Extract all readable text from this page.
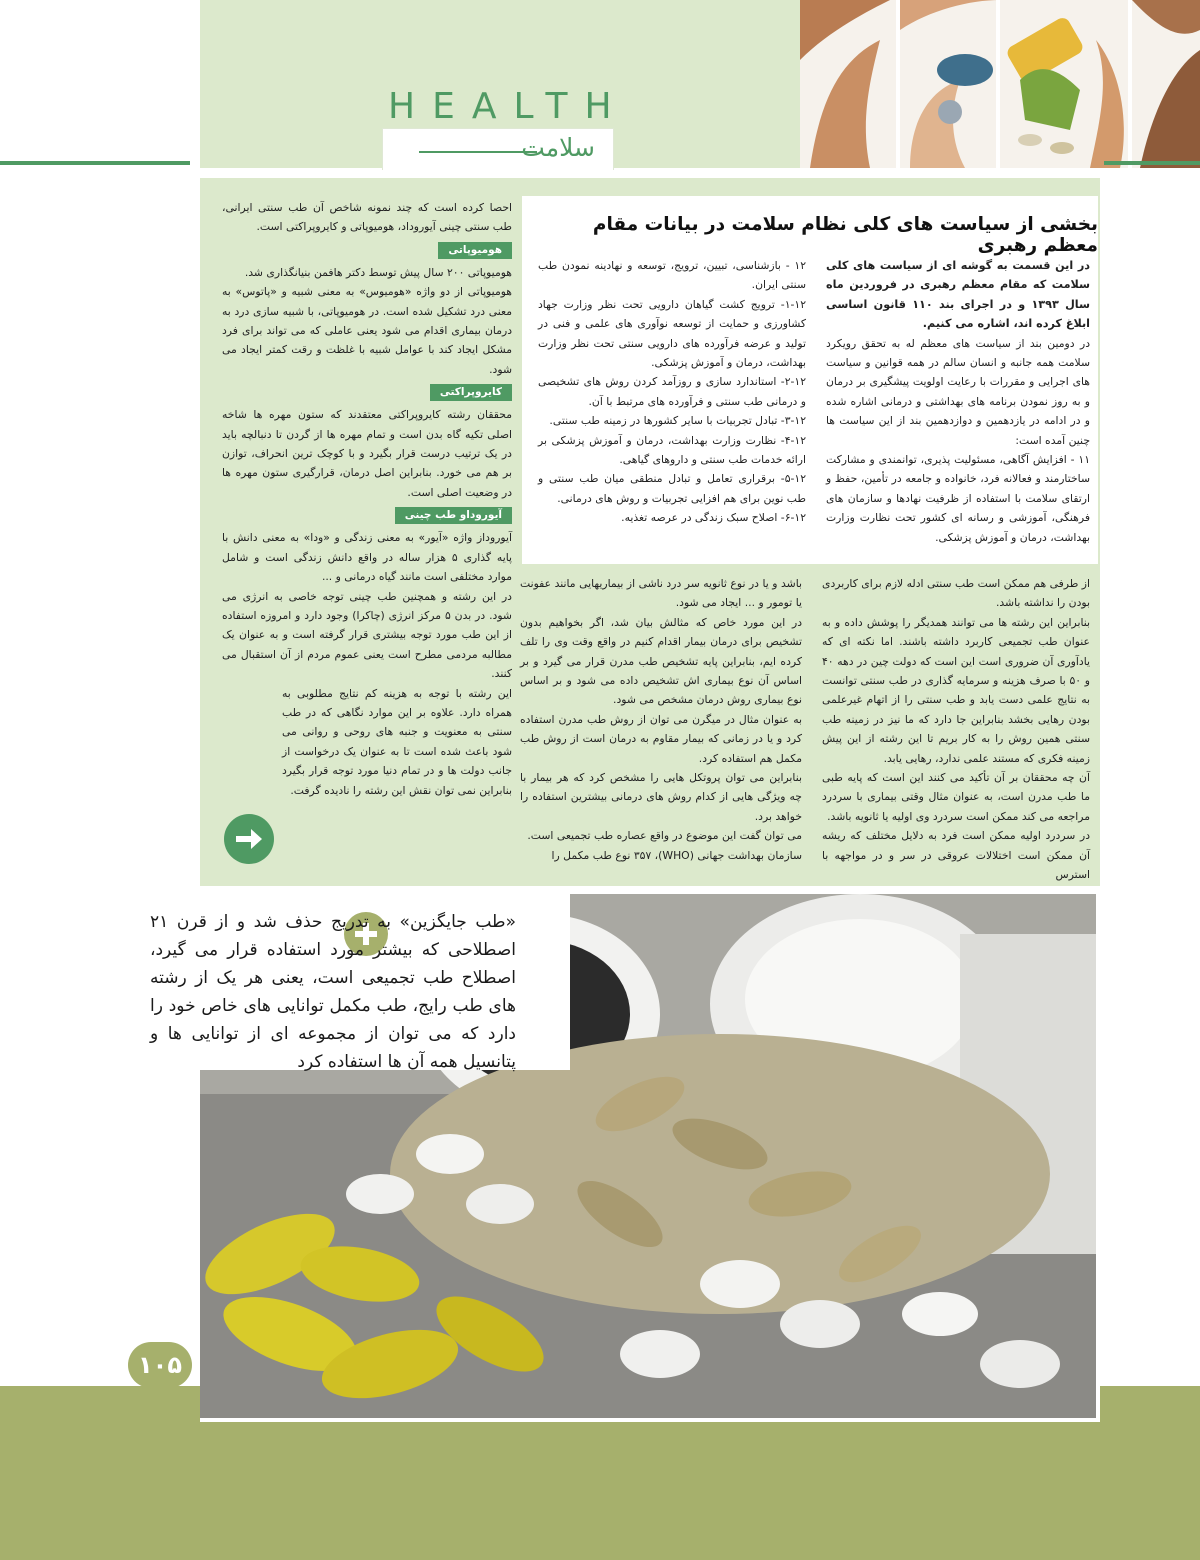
HEALTH
سلامت
بخشی از سیاست های کلی نظام سلامت در بیانات مقام معظم رهبری

در این قسمت به گوشه ای از سیاست های کلی سلامت که مقام معظم رهبری در فروردین ماه سال ۱۳۹۳ و در اجرای بند ۱۱۰ قانون اساسی ابلاغ کرده اند، اشاره می کنیم.

در دومین بند از سیاست های معظم له به تحقق رویکرد سلامت همه جانبه و انسان سالم در همه قوانین و سیاست های اجرایی و مقررات با رعایت اولویت پیشگیری بر درمان و به روز نمودن برنامه های بهداشتی و درمانی اشاره شده و در ادامه در یازدهمین و دوازدهمین بند از این سیاست ها چنین آمده است:

۱۱ - افزایش آگاهی، مسئولیت پذیری، توانمندی و مشارکت ساختارمند و فعالانه فرد، خانواده و جامعه در تأمین، حفظ و ارتقای سلامت با استفاده از ظرفیت نهادها و سازمان های فرهنگی، آموزشی و رسانه ای کشور تحت نظارت وزارت بهداشت، درمان و آموزش پزشکی.

۱۲ - بازشناسی، تبیین، ترویج، توسعه و نهادینه نمودن طب سنتی ایران.

۱-۱۲- ترویج کشت گیاهان دارویی تحت نظر وزارت جهاد کشاورزی و حمایت از توسعه نوآوری های علمی و فنی در تولید و عرضه فرآورده های دارویی سنتی تحت نظر وزارت بهداشت، درمان و آموزش پزشکی.

۲-۱۲- استاندارد سازی و روزآمد کردن روش های تشخیصی و درمانی طب سنتی و فرآورده های مرتبط با آن.

۳-۱۲- تبادل تجربیات با سایر کشورها در زمینه طب سنتی.

۴-۱۲- نظارت وزارت بهداشت، درمان و آموزش پزشکی بر ارائه خدمات طب سنتی و داروهای گیاهی.

۵-۱۲- برقراری تعامل و تبادل منطقی میان طب سنتی و طب نوین برای هم افزایی تجربیات و روش های درمانی.

۶-۱۲- اصلاح سبک زندگی در عرصه تغذیه.

از طرفی هم ممکن است طب سنتی ادله لازم برای کاربردی بودن را نداشته باشد.

بنابراین این رشته ها می توانند همدیگر را پوشش داده و به عنوان طب تجمیعی کاربرد داشته باشند. اما نکته ای که یادآوری آن ضروری است این است که دولت چین در دهه ۴۰ و ۵۰ با صرف هزینه و سرمایه گذاری در طب سنتی توانست به نتایج علمی دست یابد و طب سنتی را از اتهام غیرعلمی بودن رهایی بخشد بنابراین جا دارد که ما نیز در زمینه طب سنتی همین روش را به کار بریم تا این رشته از این پیش زمینه فکری که مستند علمی ندارد، رهایی یابد.

آن چه محققان بر آن تأکید می کنند این است که پایه طبی ما طب مدرن است، به عنوان مثال وقتی بیماری با سردرد مراجعه می کند ممکن است سردرد وی اولیه یا ثانویه باشد.

در سردرد اولیه ممکن است فرد به دلایل مختلف که ریشه آن ممکن است اختلالات عروقی در سر و در مواجهه با استرس

باشد و یا در نوع ثانویه سر درد ناشی از بیماریهایی مانند عفونت یا تومور و ... ایجاد می شود.

در این مورد خاص که مثالش بیان شد، اگر بخواهیم بدون تشخیص برای درمان بیمار اقدام کنیم در واقع وقت وی را تلف کرده ایم، بنابراین پایه تشخیص طب مدرن قرار می گیرد و بر اساس آن نوع بیماری اش تشخیص داده می شود و بر اساس نوع بیماری روش درمان مشخص می شود.

به عنوان مثال در میگرن می توان از روش طب مدرن استفاده کرد و یا در زمانی که بیمار مقاوم به درمان است از روش طب مکمل هم استفاده کرد.

بنابراین می توان پروتکل هایی را مشخص کرد که هر بیمار با چه ویژگی هایی از کدام روش های درمانی بیشترین استفاده را خواهد برد.

می توان گفت این موضوع در واقع عصاره طب تجمیعی است.

سازمان بهداشت جهانی (WHO)، ۳۵۷ نوع طب مکمل را

احصا کرده است که چند نمونه شاخص آن طب سنتی ایرانی، طب سنتی چینی آیوروداد، هومیوپاتی و کایروپراکتی است.

هومیوپاتی

هومیوپاتی ۲۰۰ سال پیش توسط دکتر هافمن بنیانگذاری شد.

هومیوپاتی از دو واژه «هومیوس» به معنی شبیه و «پاتوس» به معنی درد تشکیل شده است. در هومیوپاتی، با شبیه سازی درد به درمان بیماری اقدام می شود یعنی عاملی که می تواند برای فرد مشکل ایجاد کند با عوامل شبیه با غلظت و رقت کمتر ایجاد می شود.

کایروپراکتی

محققان رشته کایروپراکتی معتقدند که ستون مهره ها شاخه اصلی تکیه گاه بدن است و تمام مهره ها از گردن تا دنبالچه باید در یک ترتیب درست قرار بگیرد و با کوچک ترین انحراف، توازن بر هم می خورد. بنابراین اصل درمان، قرارگیری ستون مهره ها در وضعیت اصلی است.

آیوروداو طب چینی

آیوروداز واژه «آیور» به معنی زندگی و «ودا» به معنی دانش با پایه گذاری ۵ هزار ساله در واقع دانش زندگی است و شامل موارد مختلفی است مانند گیاه درمانی و ...

در این رشته و همچنین طب چینی توجه خاصی به انرژی می شود. در بدن ۵ مرکز انرژی (چاکرا) وجود دارد و امروزه استفاده از این طب مورد توجه بیشتری قرار گرفته است و به عنوان یک مطالبه مردمی مطرح است یعنی عموم مردم از آن استقبال می کنند.

این رشته با توجه به هزینه کم نتایج مطلوبی به همراه دارد. علاوه بر این موارد نگاهی که در طب سنتی به معنویت و جنبه های روحی و روانی می شود باعث شده است تا به عنوان یک درخواست از جانب دولت ها و در تمام دنیا مورد توجه قرار بگیرد بنابراین نمی توان نقش این رشته را نادیده گرفت.

«طب جایگزین» به تدریج حذف شد و از قرن ۲۱ اصطلاحی که بیشتر مورد استفاده قرار می گیرد، اصطلاح طب تجمیعی است، یعنی هر یک از رشته های طب رایج، طب مکمل توانایی های خاص خود را دارد که می توان از مجموعه ای از توانایی ها و پتانسیل همه آن ها استفاده کرد
۱۰۵
